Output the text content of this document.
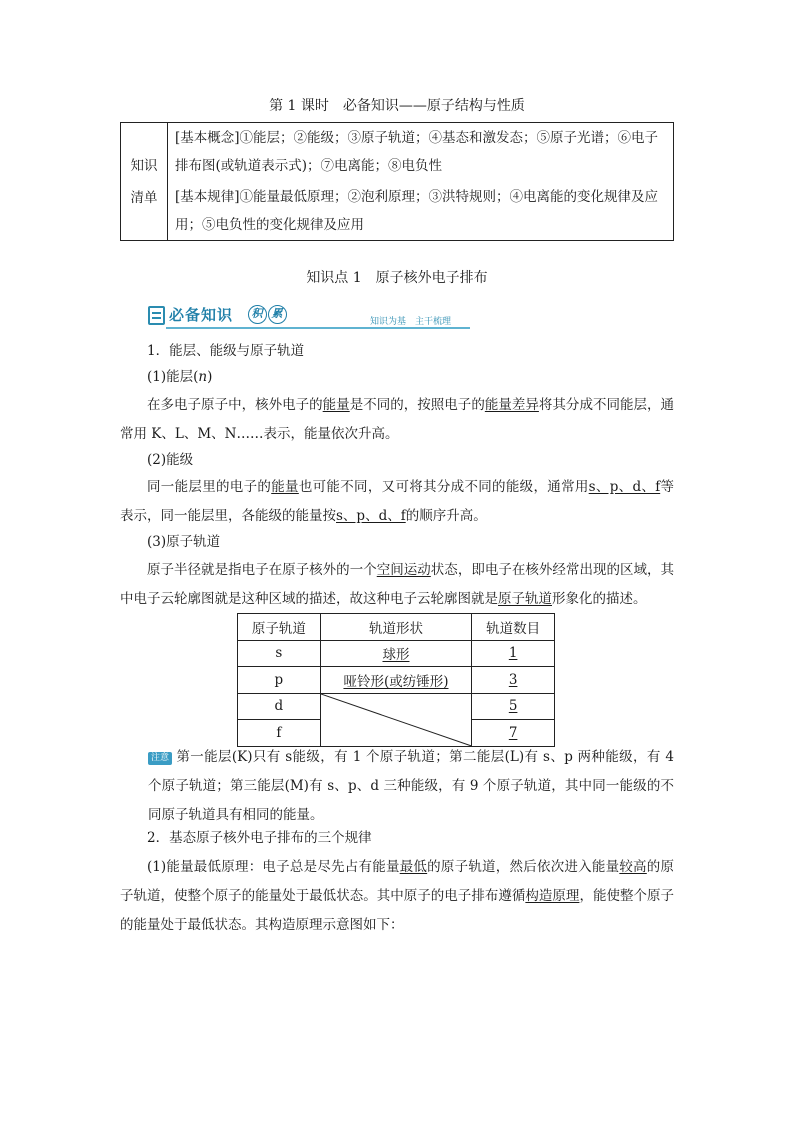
第 1 课时　必备知识——原子结构与性质
知识
清单
[基本概念]①能层；②能级；③原子轨道；④基态和激发态；⑤原子光谱；⑥电子排布图(或轨道表示式)；⑦电离能；⑧电负性
[基本规律]①能量最低原理；②泡利原理；③洪特规则；④电离能的变化规律及应用；⑤电负性的变化规律及应用
知识点 1　原子核外电子排布
必备知识	积 累
知识为基　主干梳理
1．能层、能级与原子轨道
(1)能层(n)
在多电子原子中，核外电子的能量是不同的，按照电子的能量差异将其分成不同能层，通常用 K、L、M、N……表示，能量依次升高。
(2)能级
同一能层里的电子的能量也可能不同，又可将其分成不同的能级，通常用s、p、d、f等表示，同一能层里，各能级的能量按s、p、d、f的顺序升高。
(3)原子轨道
原子半径就是指电子在原子核外的一个空间运动状态，即电子在核外经常出现的区域，其中电子云轮廓图就是这种区域的描述，故这种电子云轮廓图就是原子轨道形象化的描述。
原子轨道	轨道形状	轨道数目
s	球形	1
p	哑铃形(或纺锤形)	3
d		5
f		7
注意 第一能层(K)只有 s能级，有 1 个原子轨道；第二能层(L)有 s、p 两种能级，有 4 个原子轨道；第三能层(M)有 s、p、d 三种能级，有 9 个原子轨道，其中同一能级的不同原子轨道具有相同的能量。
2．基态原子核外电子排布的三个规律
(1)能量最低原理：电子总是尽先占有能量最低的原子轨道，然后依次进入能量较高的原子轨道，使整个原子的能量处于最低状态。其中原子的电子排布遵循构造原理，能使整个原子的能量处于最低状态。其构造原理示意图如下：
